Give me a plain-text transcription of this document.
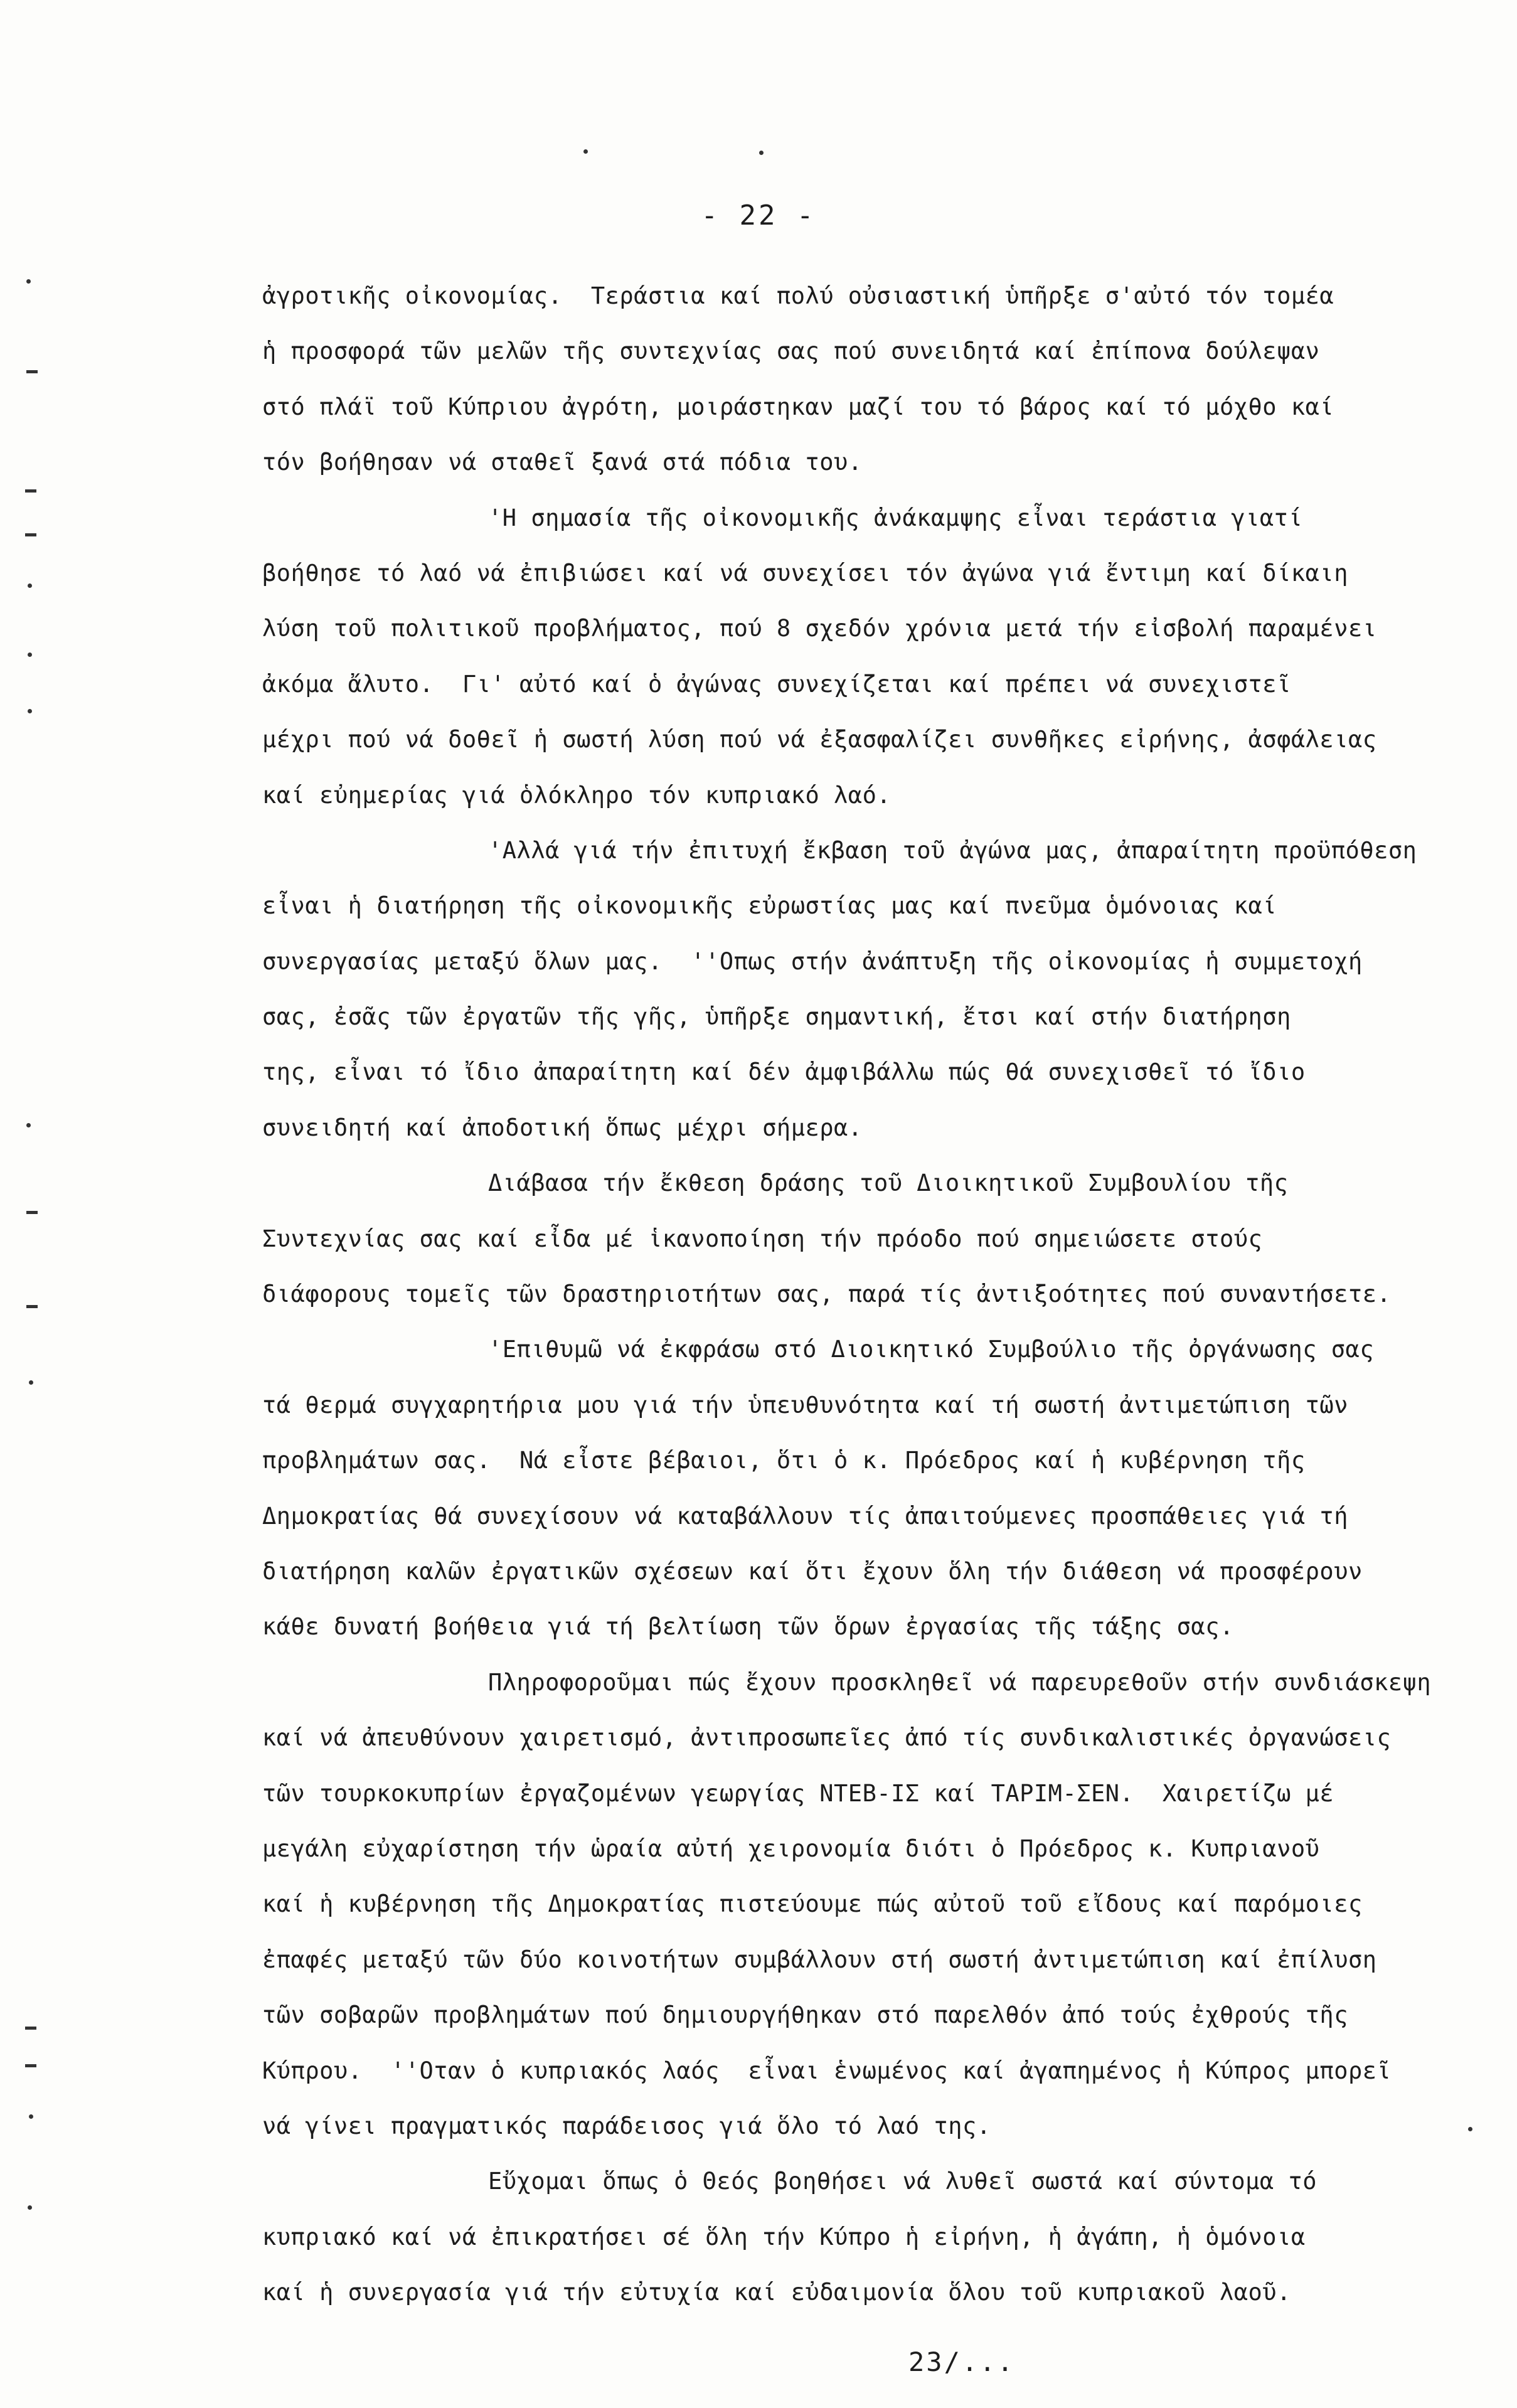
- 22 -
ἀγροτικῆς οἰκονομίας.  Τεράστια καί πολύ οὐσιαστική ὑπῆρξε σ'αὐτό τόν τομέα
ἡ προσφορά τῶν μελῶν τῆς συντεχνίας σας πού συνειδητά καί ἐπίπονα δούλεψαν
στό πλάϊ τοῦ Κύπριου ἀγρότη, μοιράστηκαν μαζί του τό βάρος καί τό μόχθο καί
τόν βοήθησαν νά σταθεῖ ξανά στά πόδια του.
'Η σημασία τῆς οἰκονομικῆς ἀνάκαμψης εἶναι τεράστια γιατί
βοήθησε τό λαό νά ἐπιβιώσει καί νά συνεχίσει τόν ἀγώνα γιά ἔντιμη καί δίκαιη
λύση τοῦ πολιτικοῦ προβλήματος, πού 8 σχεδόν χρόνια μετά τήν εἰσβολή παραμένει
ἀκόμα ἄλυτο.  Γι' αὐτό καί ὁ ἀγώνας συνεχίζεται καί πρέπει νά συνεχιστεῖ
μέχρι πού νά δοθεῖ ἡ σωστή λύση πού νά ἐξασφαλίζει συνθῆκες εἰρήνης, ἀσφάλειας
καί εὐημερίας γιά ὁλόκληρο τόν κυπριακό λαό.
'Αλλά γιά τήν ἐπιτυχή ἔκβαση τοῦ ἀγώνα μας, ἀπαραίτητη προϋπόθεση
εἶναι ἡ διατήρηση τῆς οἰκονομικῆς εὐρωστίας μας καί πνεῦμα ὁμόνοιας καί
συνεργασίας μεταξύ ὅλων μας.  ''Οπως στήν ἀνάπτυξη τῆς οἰκονομίας ἡ συμμετοχή
σας, ἐσᾶς τῶν ἐργατῶν τῆς γῆς, ὑπῆρξε σημαντική, ἔτσι καί στήν διατήρηση
της, εἶναι τό ἴδιο ἀπαραίτητη καί δέν ἀμφιβάλλω πώς θά συνεχισθεῖ τό ἴδιο
συνειδητή καί ἀποδοτική ὅπως μέχρι σήμερα.
Διάβασα τήν ἔκθεση δράσης τοῦ Διοικητικοῦ Συμβουλίου τῆς
Συντεχνίας σας καί εἶδα μέ ἱκανοποίηση τήν πρόοδο πού σημειώσετε στούς
διάφορους τομεῖς τῶν δραστηριοτήτων σας, παρά τίς ἀντιξοότητες πού συναντήσετε.
'Επιθυμῶ νά ἐκφράσω στό Διοικητικό Συμβούλιο τῆς ὀργάνωσης σας
τά θερμά συγχαρητήρια μου γιά τήν ὑπευθυνότητα καί τή σωστή ἀντιμετώπιση τῶν
προβλημάτων σας.  Νά εἶστε βέβαιοι, ὅτι ὁ κ. Πρόεδρος καί ἡ κυβέρνηση τῆς
Δημοκρατίας θά συνεχίσουν νά καταβάλλουν τίς ἀπαιτούμενες προσπάθειες γιά τή
διατήρηση καλῶν ἐργατικῶν σχέσεων καί ὅτι ἔχουν ὅλη τήν διάθεση νά προσφέρουν
κάθε δυνατή βοήθεια γιά τή βελτίωση τῶν ὅρων ἐργασίας τῆς τάξης σας.
Πληροφοροῦμαι πώς ἔχουν προσκληθεῖ νά παρευρεθοῦν στήν συνδιάσκεψη
καί νά ἀπευθύνουν χαιρετισμό, ἀντιπροσωπεῖες ἀπό τίς συνδικαλιστικές ὀργανώσεις
τῶν τουρκοκυπρίων ἐργαζομένων γεωργίας ΝΤΕΒ-ΙΣ καί ΤΑΡΙΜ-ΣΕΝ.  Χαιρετίζω μέ
μεγάλη εὐχαρίστηση τήν ὡραία αὐτή χειρονομία διότι ὁ Πρόεδρος κ. Κυπριανοῦ
καί ἡ κυβέρνηση τῆς Δημοκρατίας πιστεύουμε πώς αὐτοῦ τοῦ εἴδους καί παρόμοιες
ἐπαφές μεταξύ τῶν δύο κοινοτήτων συμβάλλουν στή σωστή ἀντιμετώπιση καί ἐπίλυση
τῶν σοβαρῶν προβλημάτων πού δημιουργήθηκαν στό παρελθόν ἀπό τούς ἐχθρούς τῆς
Κύπρου.  ''Οταν ὁ κυπριακός λαός  εἶναι ἑνωμένος καί ἀγαπημένος ἡ Κύπρος μπορεῖ
νά γίνει πραγματικός παράδεισος γιά ὅλο τό λαό της.
Εὔχομαι ὅπως ὁ Θεός βοηθήσει νά λυθεῖ σωστά καί σύντομα τό
κυπριακό καί νά ἐπικρατήσει σέ ὅλη τήν Κύπρο ἡ εἰρήνη, ἡ ἀγάπη, ἡ ὁμόνοια
καί ἡ συνεργασία γιά τήν εὐτυχία καί εὐδαιμονία ὅλου τοῦ κυπριακοῦ λαοῦ.
23/...
